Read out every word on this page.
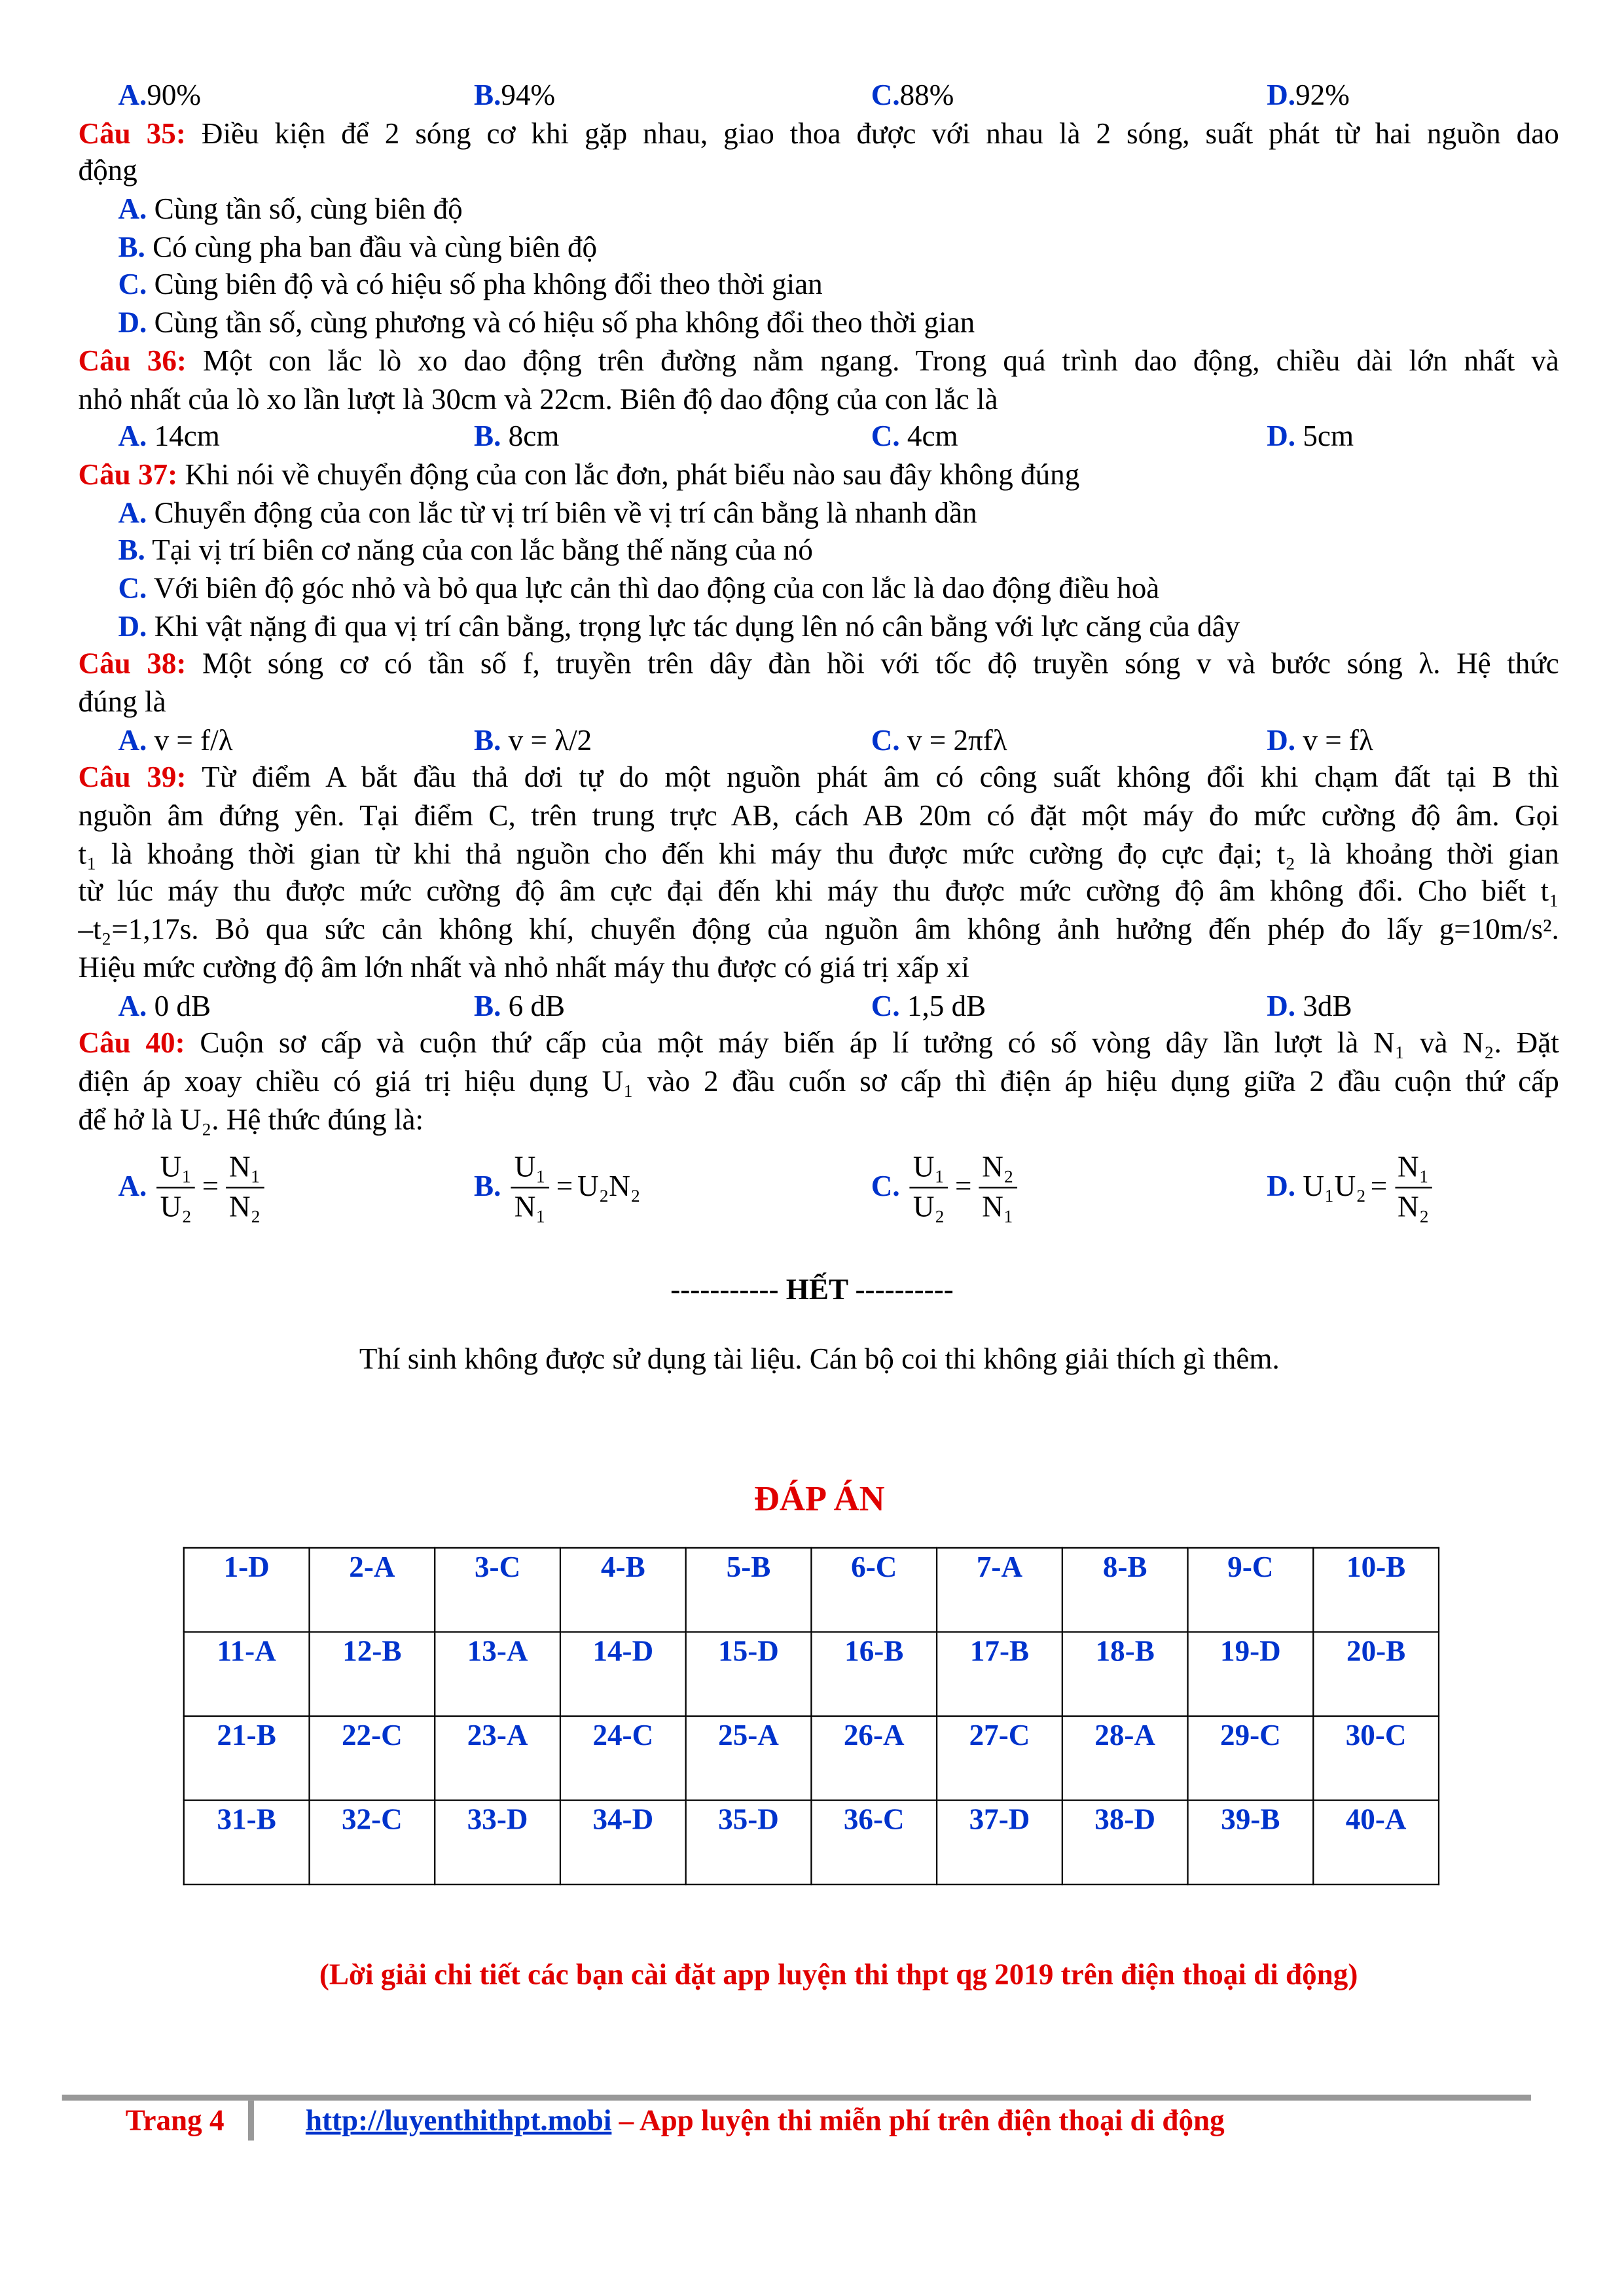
A.90%	B.94%	C.88%	D.92%
Câu 35: Điều kiện để 2 sóng cơ khi gặp nhau, giao thoa được với nhau là 2 sóng, suất phát từ hai nguồn dao
động
A. Cùng tần số, cùng biên độ
B. Có cùng pha ban đầu và cùng biên độ
C. Cùng biên độ và có hiệu số pha không đổi theo thời gian
D. Cùng tần số, cùng phương và có hiệu số pha không đổi theo thời gian
Câu 36: Một con lắc lò xo dao động trên đường nằm ngang. Trong quá trình dao động, chiều dài lớn nhất và
nhỏ nhất của lò xo lần lượt là 30cm và 22cm. Biên độ dao động của con lắc là
A. 14cm	B. 8cm	C. 4cm	D. 5cm
Câu 37: Khi nói về chuyển động của con lắc đơn, phát biểu nào sau đây không đúng
A. Chuyển động của con lắc từ vị trí biên về vị trí cân bằng là nhanh dần
B. Tại vị trí biên cơ năng của con lắc bằng thế năng của nó
C. Với biên độ góc nhỏ và bỏ qua lực cản thì dao động của con lắc là dao động điều hoà
D. Khi vật nặng đi qua vị trí cân bằng, trọng lực tác dụng lên nó cân bằng với lực căng của dây
Câu 38: Một sóng cơ có tần số f, truyền trên dây đàn hồi với tốc độ truyền sóng v và bước sóng λ. Hệ thức
đúng là
A. v = f/λ	B. v = λ/2	C. v = 2πfλ	D. v = fλ
Câu 39: Từ điểm A bắt đầu thả dơi tự do một nguồn phát âm có công suất không đổi khi chạm đất tại B thì
nguồn âm đứng yên. Tại điểm C, trên trung trực AB, cách AB 20m có đặt một máy đo mức cường độ âm. Gọi
t₁ là khoảng thời gian từ khi thả nguồn cho đến khi máy thu được mức cường đọ cực đại; t₂ là khoảng thời gian
từ lúc máy thu được mức cường độ âm cực đại đến khi máy thu được mức cường độ âm không đổi. Cho biết t₁
–t₂=1,17s. Bỏ qua sức cản không khí, chuyển động của nguồn âm không ảnh hưởng đến phép đo lấy g=10m/s².
Hiệu mức cường độ âm lớn nhất và nhỏ nhất máy thu được có giá trị xấp xỉ
A. 0 dB	B. 6 dB	C. 1,5 dB	D. 3dB
Câu 40: Cuộn sơ cấp và cuộn thứ cấp của một máy biến áp lí tưởng có số vòng dây lần lượt là N₁ và N₂. Đặt
điện áp xoay chiều có giá trị hiệu dụng U₁ vào 2 đầu cuốn sơ cấp thì điện áp hiệu dụng giữa 2 đầu cuộn thứ cấp
để hở là U₂. Hệ thức đúng là:
A.
$\frac{\text{U₁}}{\text{U₂}} = \frac{\text{N₁}}{\text{N₂}}$	B.
$\frac{\text{U₁}}{\text{N₁}} = U_2N_2$	C.
$\frac{\text{U₁}}{\text{U₂}} = \frac{\text{N₂}}{\text{N₁}}$	D.
$U_1U_2 = \frac{\text{N₁}}{\text{N₂}}$
----------- HẾT ----------
Thí sinh không được sử dụng tài liệu. Cán bộ coi thi không giải thích gì thêm.
ĐÁP ÁN
1-D	2-A	3-C	4-B	5-B	6-C	7-A	8-B	9-C	10-B
11-A	12-B	13-A	14-D	15-D	16-B	17-B	18-B	19-D	20-B
21-B	22-C	23-A	24-C	25-A	26-A	27-C	28-A	29-C	30-C
31-B	32-C	33-D	34-D	35-D	36-C	37-D	38-D	39-B	40-A
(Lời giải chi tiết các bạn cài đặt app luyện thi thpt qg 2019 trên điện thoại di động)
Trang 4	http://luyenthithpt.mobi – App luyện thi miễn phí trên điện thoại di động
